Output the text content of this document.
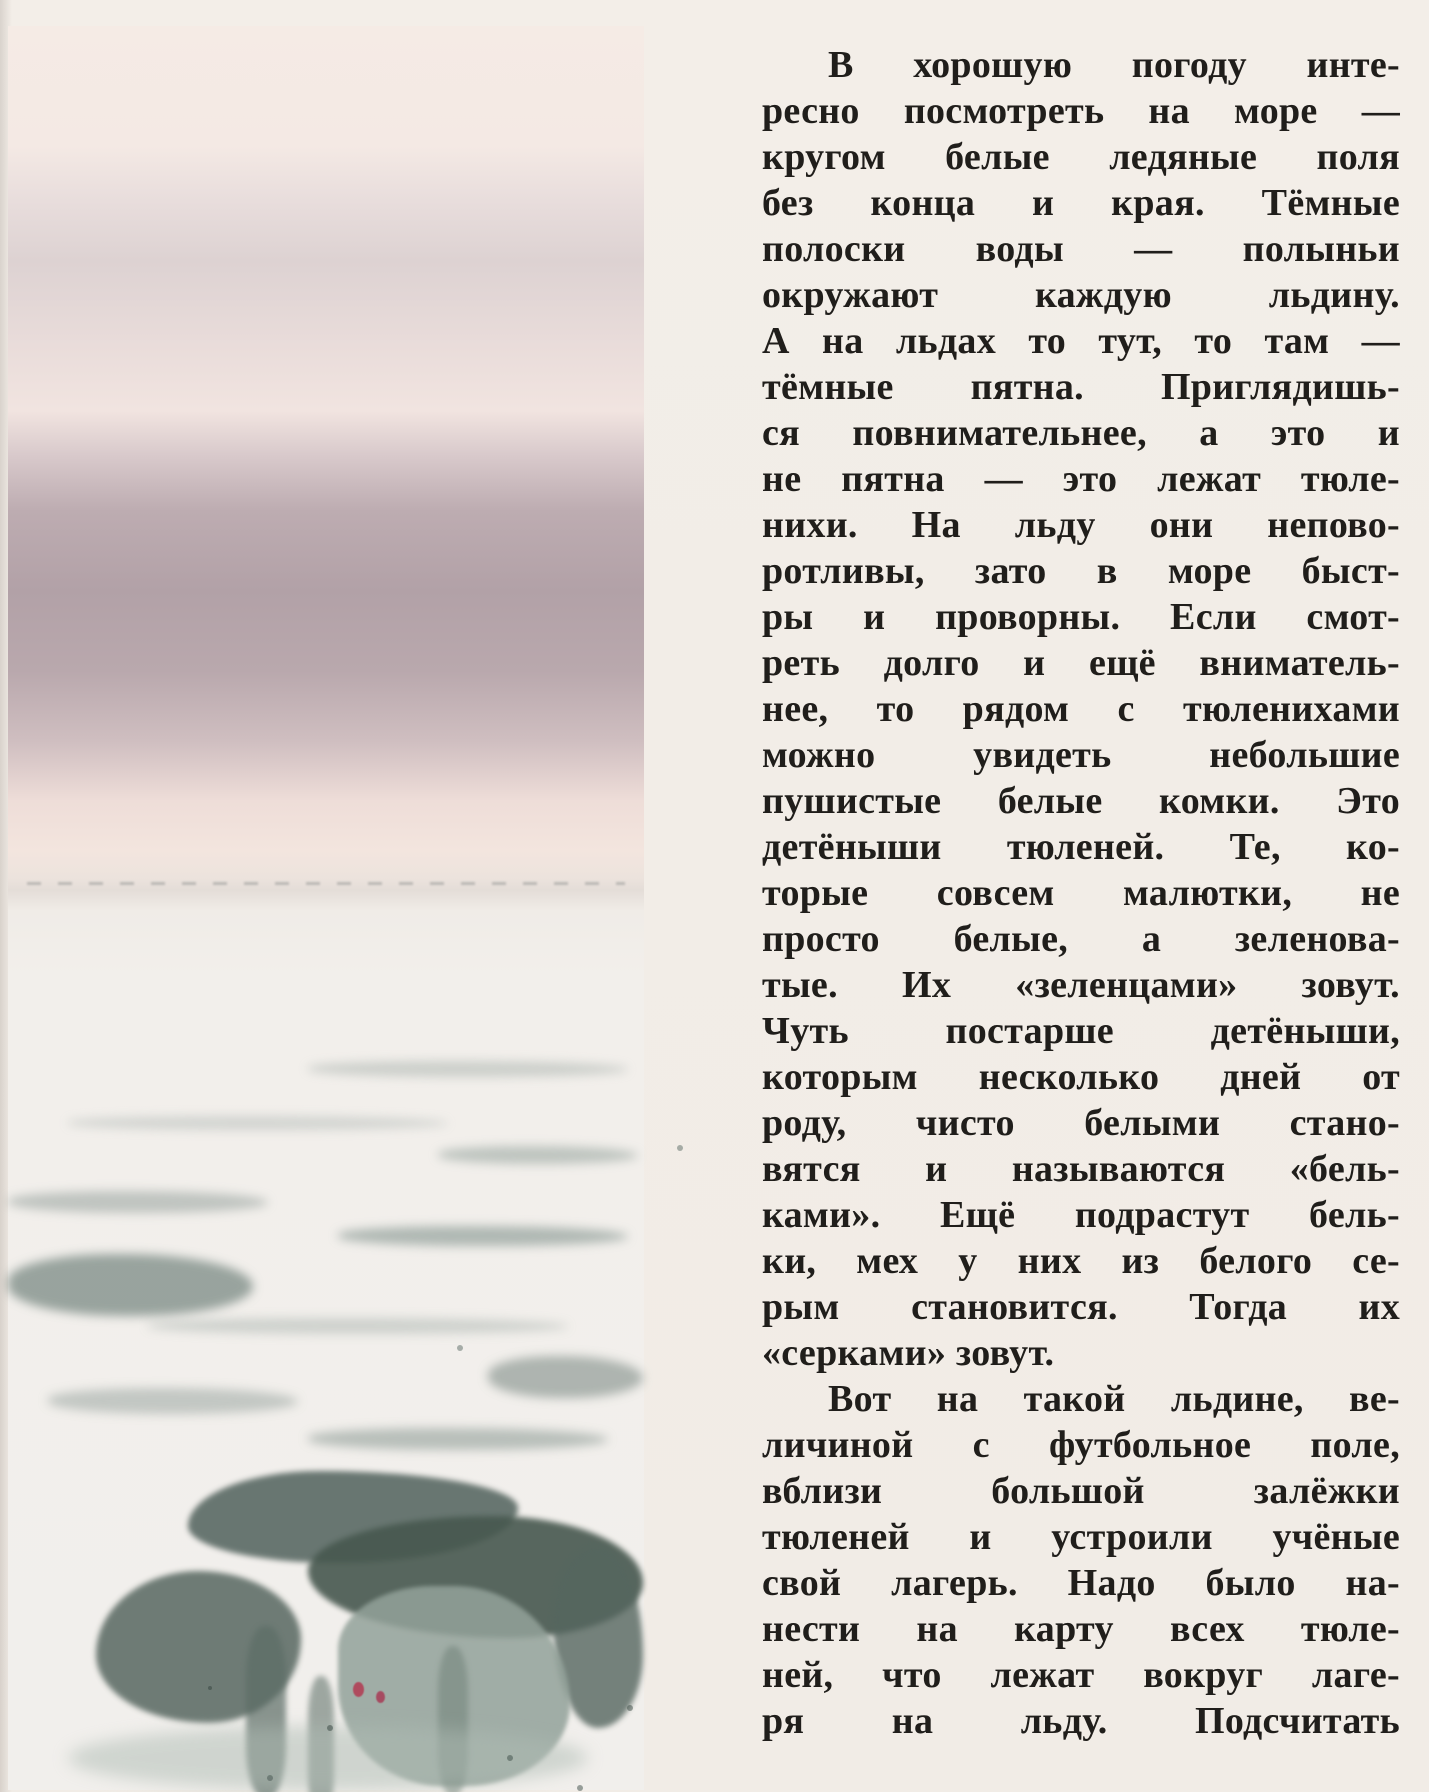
В хорошую погоду инте-
ресно посмотреть на море —
кругом белые ледяные поля
без конца и края. Тёмные
полоски воды — полыньи
окружают каждую льдину.
А на льдах то тут, то там —
тёмные пятна. Приглядишь-
ся повнимательнее, а это и
не пятна — это лежат тюле-
нихи. На льду они непово-
ротливы, зато в море быст-
ры и проворны. Если смот-
реть долго и ещё вниматель-
нее, то рядом с тюленихами
можно увидеть небольшие
пушистые белые комки. Это
детёныши тюленей. Те, ко-
торые совсем малютки, не
просто белые, а зеленова-
тые. Их «зеленцами» зовут.
Чуть постарше детёныши,
которым несколько дней от
роду, чисто белыми стано-
вятся и называются «бель-
ками». Ещё подрастут бель-
ки, мех у них из белого се-
рым становится. Тогда их
«серками» зовут.
Вот на такой льдине, ве-
личиной с футбольное поле,
вблизи большой залёжки
тюленей и устроили учёные
свой лагерь. Надо было на-
нести на карту всех тюле-
ней, что лежат вокруг лаге-
ря на льду. Подсчитать
